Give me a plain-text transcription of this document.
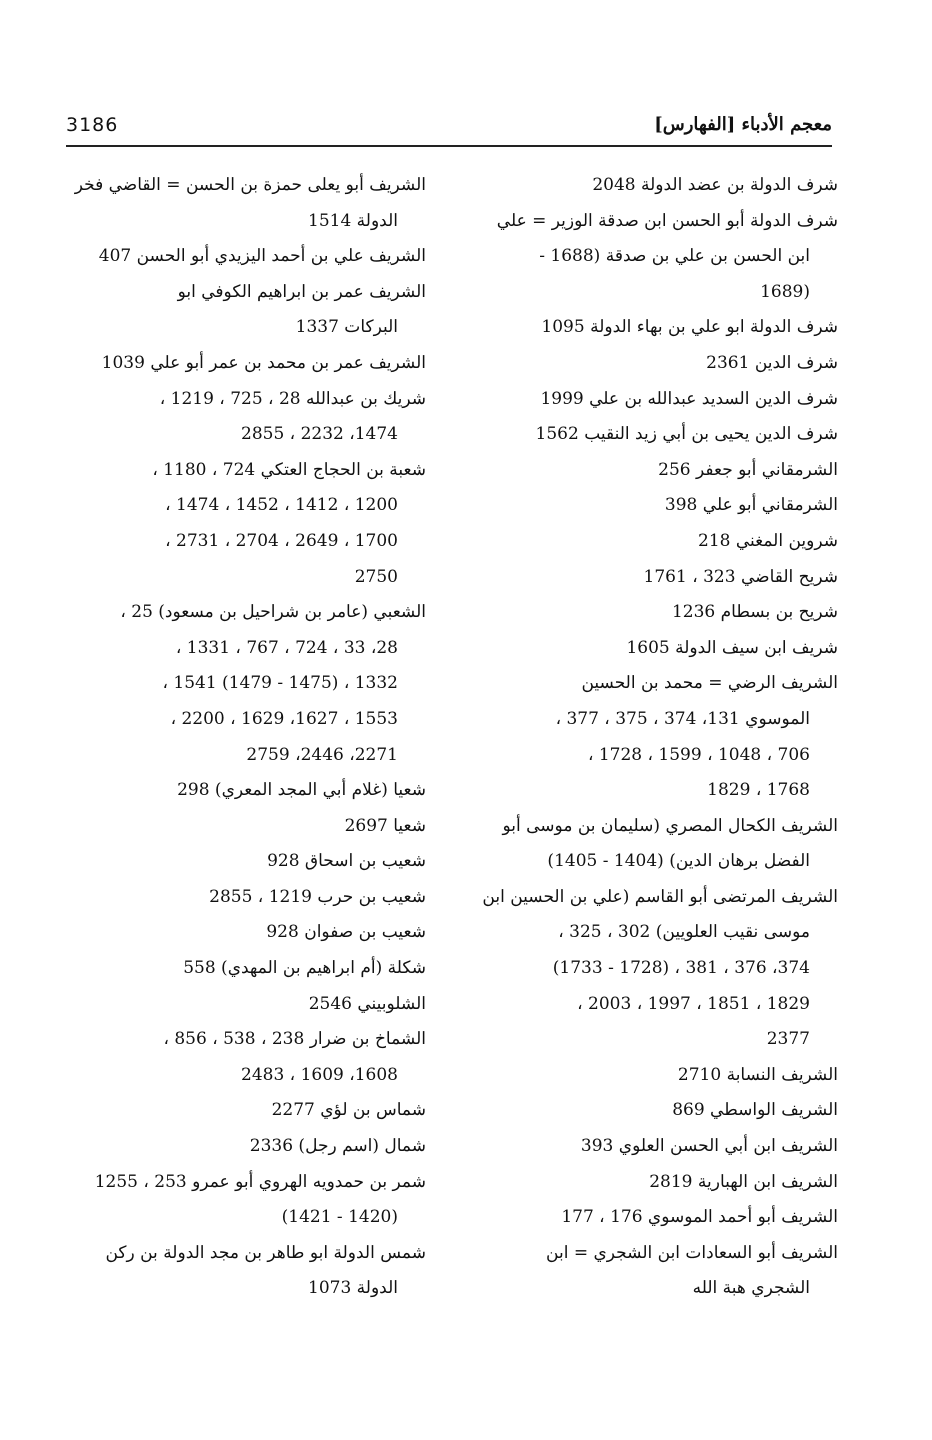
3186	معجم الأدباء [الفهارس]
شرف الدولة بن عضد الدولة 2048
شرف الدولة أبو الحسن ابن صدقة الوزير = علي
ابن الحسن بن علي بن صدقة (1688 -
(1689
شرف الدولة ابو علي بن بهاء الدولة 1095
شرف الدين 2361
شرف الدين السديد عبدالله بن علي 1999
شرف الدين يحيى بن أبي زيد النقيب 1562
الشرمقاني أبو جعفر 256
الشرمقاني أبو علي 398
شروين المغني 218
شريح القاضي 323 ، 1761
شريح بن بسطام 1236
شريف ابن سيف الدولة 1605
الشريف الرضي = محمد بن الحسين
الموسوي 131، 374 ، 375 ، 377 ،
706 ، 1048 ، 1599 ، 1728 ،
1768 ، 1829
الشريف الكحال المصري (سليمان بن موسى أبو
الفضل برهان الدين) (1404 - 1405)
الشريف المرتضى أبو القاسم (علي بن الحسين ابن
موسى نقيب العلويين) 302 ، 325 ،
374، 376 ، 381 ، (1728 - 1733)
1829 ، 1851 ، 1997 ، 2003 ،
2377
الشريف النسابة 2710
الشريف الواسطي 869
الشريف ابن أبي الحسن العلوي 393
الشريف ابن الهبارية 2819
الشريف أبو أحمد الموسوي 176 ، 177
الشريف أبو السعادات ابن الشجري = ابن
الشجري هبة الله
الشريف أبو يعلى حمزة بن الحسن = القاضي فخر
الدولة 1514
الشريف علي بن أحمد اليزيدي أبو الحسن 407
الشريف عمر بن ابراهيم الكوفي ابو
البركات 1337
الشريف عمر بن محمد بن عمر أبو علي 1039
شريك بن عبدالله 28 ، 725 ، 1219 ،
1474، 2232 ، 2855
شعبة بن الحجاج العتكي 724 ، 1180 ،
1200 ، 1412 ، 1452 ، 1474 ،
1700 ، 2649 ، 2704 ، 2731 ،
2750
الشعبي (عامر بن شراحيل بن مسعود) 25 ،
28، 33 ، 724 ، 767 ، 1331 ،
1332 ، (1475 - 1479) 1541 ،
1553 ، 1627، 1629 ، 2200 ،
2271، 2446، 2759
شعيا (غلام أبي المجد المعري) 298
شعيا 2697
شعيب بن اسحاق 928
شعيب بن حرب 1219 ، 2855
شعيب بن صفوان 928
شكلة (أم ابراهيم بن المهدي) 558
الشلوبيني 2546
الشماخ بن ضرار 238 ، 538 ، 856 ،
1608، 1609 ، 2483
شماس بن لؤي 2277
شمال (اسم رجل) 2336
شمر بن حمدويه الهروي أبو عمرو 253 ، 1255
(1420 - 1421)
شمس الدولة ابو طاهر بن مجد الدولة بن ركن
الدولة 1073
